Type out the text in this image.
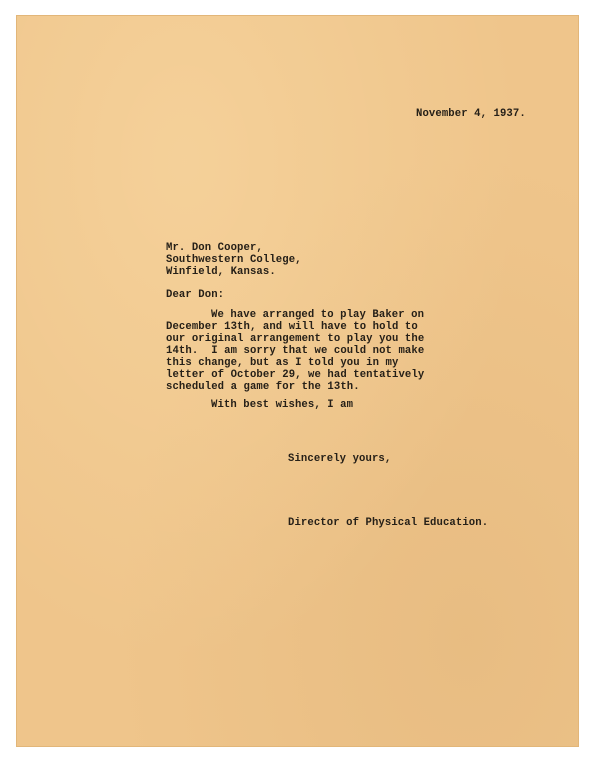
November 4, 1937.
Mr. Don Cooper,
Southwestern College,
Winfield, Kansas.
Dear Don:
We have arranged to play Baker on
December 13th, and will have to hold to
our original arrangement to play you the
14th.  I am sorry that we could not make
this change, but as I told you in my
letter of October 29, we had tentatively
scheduled a game for the 13th.
With best wishes, I am
Sincerely yours,
Director of Physical Education.
